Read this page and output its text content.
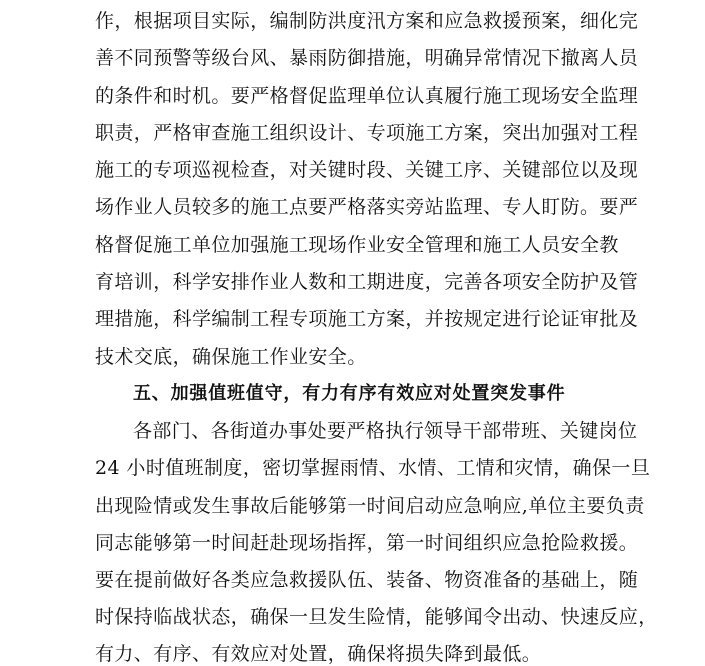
作，根据项目实际，编制防洪度汛方案和应急救援预案，细化完
善不同预警等级台风、暴雨防御措施，明确异常情况下撤离人员
的条件和时机。要严格督促监理单位认真履行施工现场安全监理
职责，严格审查施工组织设计、专项施工方案，突出加强对工程
施工的专项巡视检查，对关键时段、关键工序、关键部位以及现
场作业人员较多的施工点要严格落实旁站监理、专人盯防。要严
格督促施工单位加强施工现场作业安全管理和施工人员安全教
育培训，科学安排作业人数和工期进度，完善各项安全防护及管
理措施，科学编制工程专项施工方案，并按规定进行论证审批及
技术交底，确保施工作业安全。
五、加强值班值守，有力有序有效应对处置突发事件
各部门、各街道办事处要严格执行领导干部带班、关键岗位
24 小时值班制度，密切掌握雨情、水情、工情和灾情，确保一旦
出现险情或发生事故后能够第一时间启动应急响应,单位主要负责
同志能够第一时间赶赴现场指挥，第一时间组织应急抢险救援。
要在提前做好各类应急救援队伍、装备、物资准备的基础上，随
时保持临战状态，确保一旦发生险情，能够闻令出动、快速反应，
有力、有序、有效应对处置，确保将损失降到最低。
